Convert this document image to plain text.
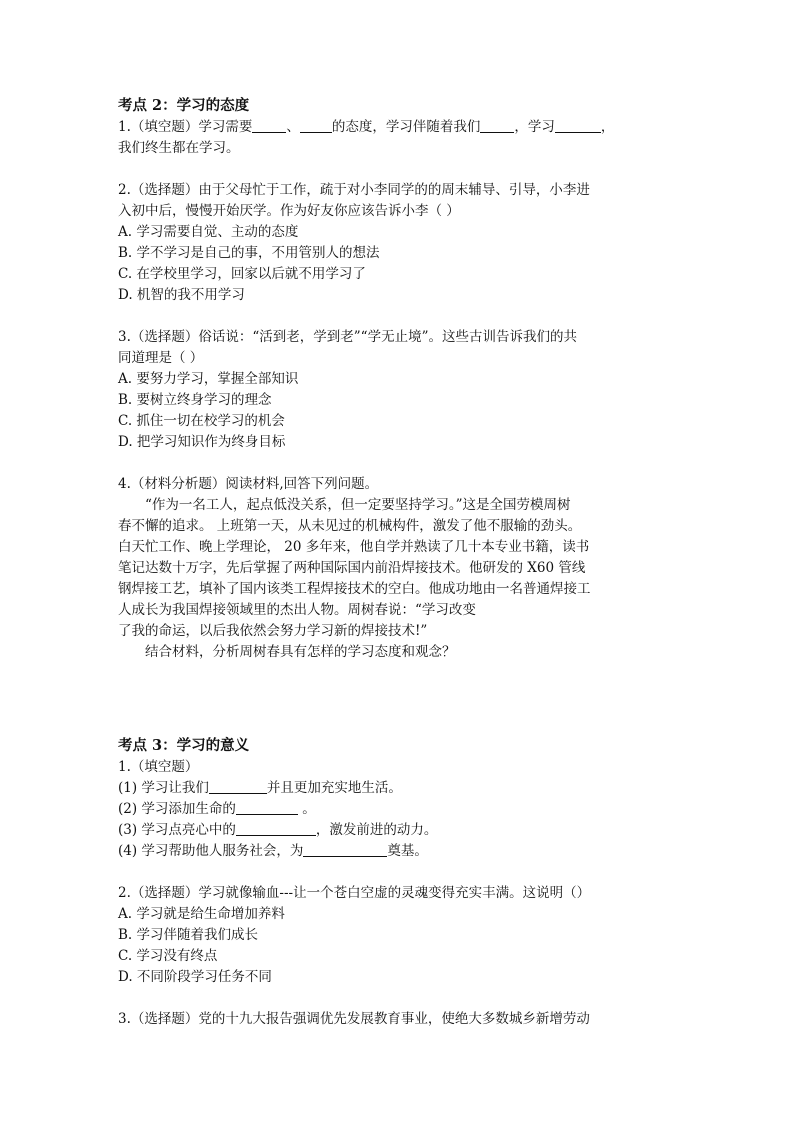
考点 2：学习的态度
1.（填空题）学习需要	、 的态度，学习伴随着我们	，学习	，
我们终生都在学习。
2.（选择题）由于父母忙于工作，疏于对小李同学的的周末辅导、引导，小李进
入初中后，慢慢开始厌学。作为好友你应该告诉小李（ ）
A. 学习需要自觉、主动的态度
B. 学不学习是自己的事，不用管别人的想法
C. 在学校里学习，回家以后就不用学习了
D. 机智的我不用学习
3.（选择题）俗话说：“活到老，学到老”“学无止境”。这些古训告诉我们的共
同道理是（ ）
A. 要努力学习，掌握全部知识
B. 要树立终身学习的理念
C. 抓住一切在校学习的机会
D. 把学习知识作为终身目标
4.（材料分析题）阅读材料,回答下列问题。
“作为一名工人，起点低没关系，但一定要坚持学习。”这是全国劳模周树
春不懈的追求。 上班第一天，从未见过的机械构件，激发了他不服输的劲头。
白天忙工作、晚上学理论， 20 多年来，他自学并熟读了几十本专业书籍，读书
笔记达数十万字，先后掌握了两种国际国内前沿焊接技术。他研发的 X60 管线
钢焊接工艺，填补了国内该类工程焊接技术的空白。他成功地由一名普通焊接工
人成长为我国焊接领域里的杰出人物。周树春说：“学习改变
了我的命运，以后我依然会努力学习新的焊接技术!”
结合材料，分析周树春具有怎样的学习态度和观念？
考点 3：学习的意义
1.（填空题）
(1) 学习让我们	并且更加充实地生活。
(2) 学习添加生命的	。
(3) 学习点亮心中的	，激发前进的动力。
(4) 学习帮助他人服务社会，为	奠基。
2.（选择题）学习就像输血---让一个苍白空虚的灵魂变得充实丰满。这说明（）
A. 学习就是给生命增加养料
B. 学习伴随着我们成长
C. 学习没有终点
D. 不同阶段学习任务不同
3.（选择题）党的十九大报告强调优先发展教育事业，使绝大多数城乡新增劳动
